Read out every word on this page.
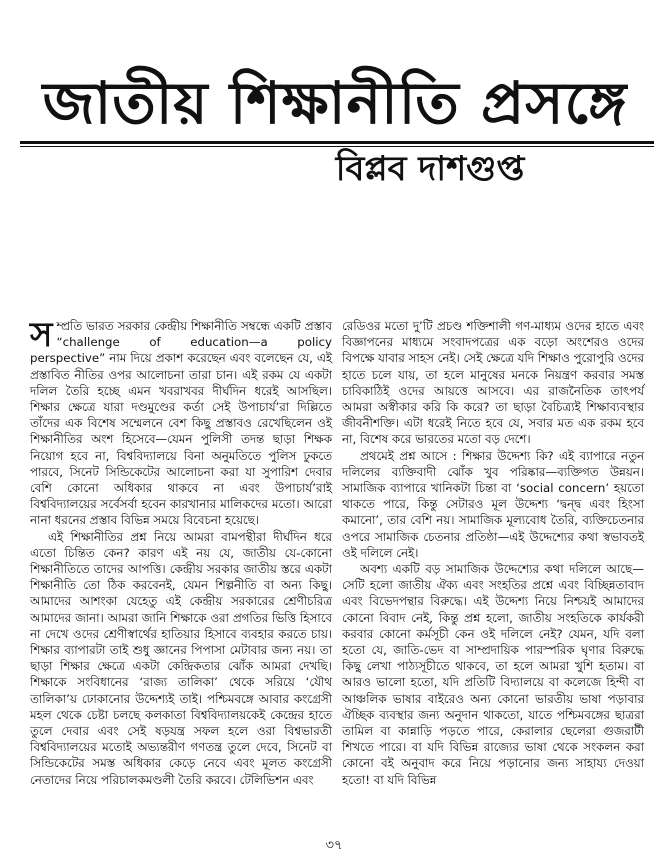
জাতীয় শিক্ষানীতি প্রসঙ্গে
বিপ্লব দাশগুপ্ত

সম্প্রতি ভারত সরকার কেন্দ্রীয় শিক্ষানীতি সম্বন্ধে একটি প্রস্তাব “challenge of education—a policy perspective” নাম দিয়ে প্রকাশ করেছেন এবং বলেছেন যে, এই প্রস্তাবিত নীতির ওপর আলোচনা তারা চান। এই রকম যে একটা দলিল তৈরি হচ্ছে এমন খবরাখবর দীর্ঘদিন ধরেই আসছিল। শিক্ষার ক্ষেত্রে যারা দণ্ডমুণ্ডের কর্তা সেই উপাচার্য’রা দিল্লিতে তাঁদের এক বিশেষ সম্মেলনে বেশ কিছু প্রস্তাবও রেখেছিলেন ওই শিক্ষানীতির অংশ হিসেবে—যেমন পুলিসী তদন্ত ছাড়া শিক্ষক নিয়োগ হবে না, বিশ্ববিদ্যালয়ে বিনা অনুমতিতে পুলিস ঢুকতে পারবে, সিনেট সিন্ডিকেটের আলোচনা করা যা সুপারিশ দেবার বেশি কোনো অধিকার থাকবে না এবং উপাচার্য’রাই বিশ্ববিদ্যালয়ের সর্বেসর্বা হবেন কারখানার মালিকদের মতো। আরো নানা ধরনের প্রস্তাব বিভিন্ন সময়ে বিবেচনা হয়েছে।

এই শিক্ষানীতির প্রশ্ন নিয়ে আমরা বামপন্থীরা দীর্ঘদিন ধরে এতো চিন্তিত কেন? কারণ এই নয় যে, জাতীয় যে-কোনো শিক্ষানীতিতে তাদের আপত্তি। কেন্দ্রীয় সরকার জাতীয় স্তরে একটা শিক্ষানীতি তো ঠিক করবেনই, যেমন শিল্পনীতি বা অন্য কিছু। আমাদের আশংকা যেহেতু এই কেন্দ্রীয় সরকারের শ্রেণীচরিত্র আমাদের জানা। আমরা জানি শিক্ষাকে ওরা প্রগতির ভিত্তি হিসাবে না দেখে ওদের শ্রেণীস্বার্থের হাতিয়ার হিসাবে ব্যবহার করতে চায়। শিক্ষার ব্যাপারটা তাই শুধু জ্ঞানের পিপাসা মেটাবার জন্য নয়। তা ছাড়া শিক্ষার ক্ষেত্রে একটা কেন্দ্রিকতার ঝোঁক আমরা দেখছি। শিক্ষাকে সংবিধানের ‘রাজ্য তালিকা’ থেকে সরিয়ে ‘যৌথ তালিকা’য় ঢোকানোর উদ্দেশ্যই তাই। পশ্চিমবঙ্গে আবার কংগ্রেসী মহল থেকে চেষ্টা চলছে কলকাতা বিশ্ববিদ্যালয়কেই কেন্দ্রের হাতে তুলে দেবার এবং সেই ষড়যন্ত্র সফল হলে ওরা বিশ্বভারতী বিশ্ববিদ্যালয়ের মতোই অভ্যন্তরীণ গণতন্ত্র তুলে দেবে, সিনেট বা সিন্ডিকেটের সমস্ত অধিকার কেড়ে নেবে এবং মূলত কংগ্রেসী নেতাদের নিয়ে পরিচালকমণ্ডলী তৈরি করবে। টেলিভিশন এবং

রেডিওর মতো দু’টি প্রচণ্ড শক্তিশালী গণ-মাধ্যম ওদের হাতে এবং বিজ্ঞাপনের মাধ্যমে সংবাদপত্রের এক বড়ো অংশেরও ওদের বিপক্ষে যাবার সাহস নেই। সেই ক্ষেত্রে যদি শিক্ষাও পুরোপুরি ওদের হাতে চলে যায়, তা হলে মানুষের মনকে নিয়ন্ত্রণ করবার সমস্ত চাবিকাঠিই ওদের আয়ত্তে আসবে। এর রাজনৈতিক তাৎপর্য আমরা অস্বীকার করি কি করে? তা ছাড়া বৈচিত্র্যই শিক্ষাব্যবস্থার জীবনীশক্তি। এটা ধরেই নিতে হবে যে, সবার মত এক রকম হবে না, বিশেষ করে ভারতের মতো বড় দেশে।

প্রথমেই প্রশ্ন আসে : শিক্ষার উদ্দেশ্য কি? এই ব্যাপারে নতুন দলিলের ব্যক্তিবাদী ঝোঁক খুব পরিষ্কার—ব্যক্তিগত উন্নয়ন। সামাজিক ব্যাপারে খানিকটা চিন্তা বা ‘social concern’ হয়তো থাকতে পারে, কিন্তু সেটারও মূল উদ্দেশ্য ‘দ্বন্দ্ব এবং হিংসা কমানো’, তার বেশি নয়। সামাজিক মূল্যবোধ তৈরি, ব্যক্তিচেতনার ওপরে সামাজিক চেতনার প্রতিষ্ঠা—এই উদ্দেশ্যের কথা স্বভাবতই ওই দলিলে নেই।

অবশ্য একটি বড় সামাজিক উদ্দেশ্যের কথা দলিলে আছে—সেটি হলো জাতীয় ঐক্য এবং সংহতির প্রশ্নে এবং বিচ্ছিন্নতাবাদ এবং বিভেদপন্থার বিরুদ্ধে। এই উদ্দেশ্য নিয়ে নিশ্চয়ই আমাদের কোনো বিবাদ নেই, কিন্তু প্রশ্ন হলো, জাতীয় সংহতিকে কার্যকরী করবার কোনো কর্মসূচী কেন ওই দলিলে নেই? যেমন, যদি বলা হতো যে, জাতি-ভেদ বা সাম্প্রদায়িক পারস্পরিক ঘৃণার বিরুদ্ধে কিছু লেখা পাঠ্যসূচীতে থাকবে, তা হলে আমরা খুশি হতাম। বা আরও ভালো হতো, যদি প্রতিটি বিদ্যালয়ে বা কলেজে হিন্দী বা আঞ্চলিক ভাষার বাইরেও অন্য কোনো ভারতীয় ভাষা পড়াবার ঐচ্ছিক ব্যবস্থার জন্য অনুদান থাকতো, যাতে পশ্চিমবঙ্গের ছাত্ররা তামিল বা কান্নাড়ি পড়তে পারে, কেরালার ছেলেরা গুজরাটী শিখতে পারে। বা যদি বিভিন্ন রাজ্যের ভাষা থেকে সংকলন করা কোনো বই অনুবাদ করে নিয়ে পড়ানোর জন্য সাহায্য দেওয়া হতো! বা যদি বিভিন্ন

৩৭
